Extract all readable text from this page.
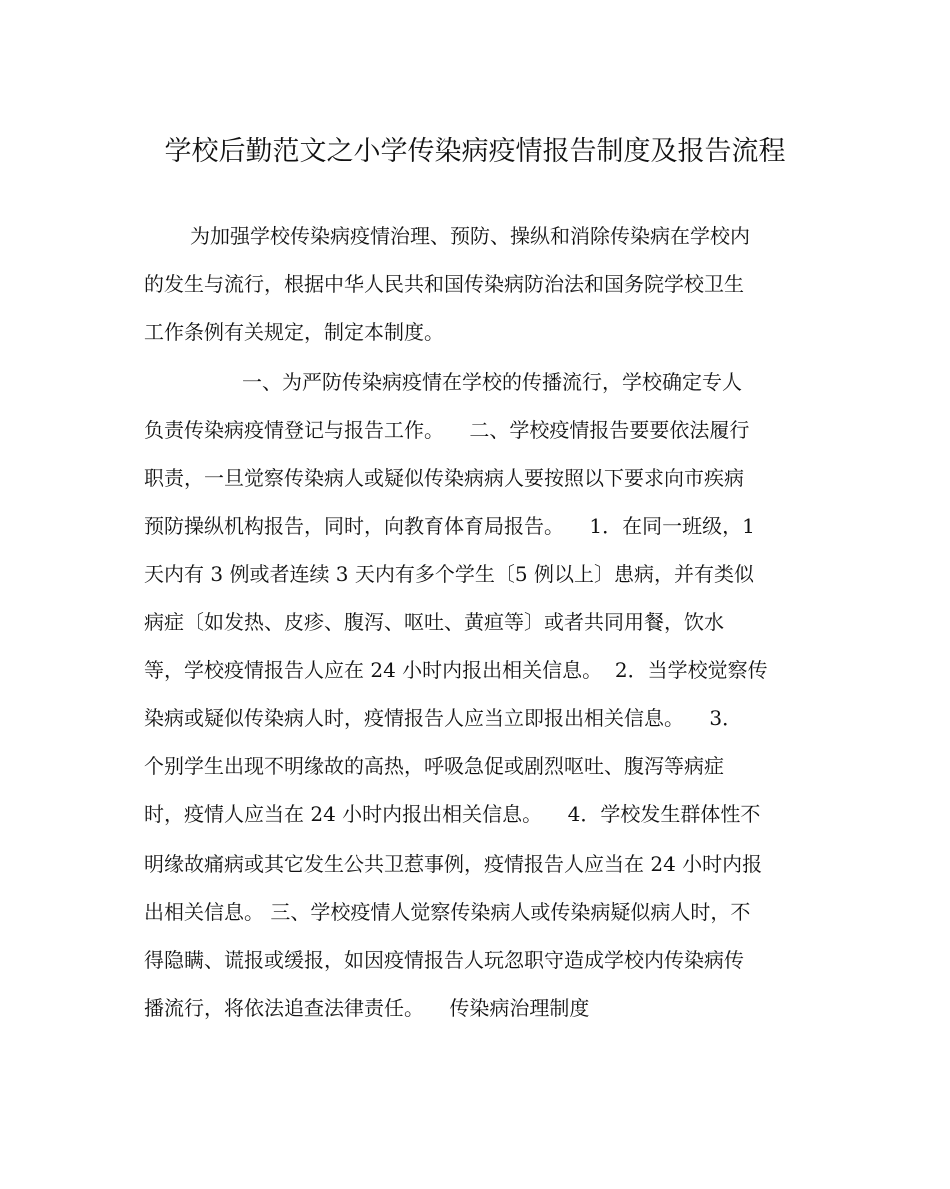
学校后勤范文之小学传染病疫情报告制度及报告流程
为加强学校传染病疫情治理、预防、操纵和消除传染病在学校内
的发生与流行，根据中华人民共和国传染病防治法和国务院学校卫生
工作条例有关规定，制定本制度。
一、为严防传染病疫情在学校的传播流行，学校确定专人
负责传染病疫情登记与报告工作。    二、学校疫情报告要要依法履行
职责，一旦觉察传染病人或疑似传染病病人要按照以下要求向市疾病
预防操纵机构报告，同时，向教育体育局报告。    1．在同一班级，1
天内有 3 例或者连续 3 天内有多个学生〔5 例以上〕患病，并有类似
病症〔如发热、皮疹、腹泻、呕吐、黄疸等〕或者共同用餐，饮水
等，学校疫情报告人应在 24 小时内报出相关信息。  2．当学校觉察传
染病或疑似传染病人时，疫情报告人应当立即报出相关信息。    3．
个别学生出现不明缘故的高热，呼吸急促或剧烈呕吐、腹泻等病症
时，疫情人应当在 24 小时内报出相关信息。    4．学校发生群体性不
明缘故痛病或其它发生公共卫惹事例，疫情报告人应当在 24 小时内报
出相关信息。 三、学校疫情人觉察传染病人或传染病疑似病人时，不
得隐瞒、谎报或缓报，如因疫情报告人玩忽职守造成学校内传染病传
播流行，将依法追查法律责任。    传染病治理制度
